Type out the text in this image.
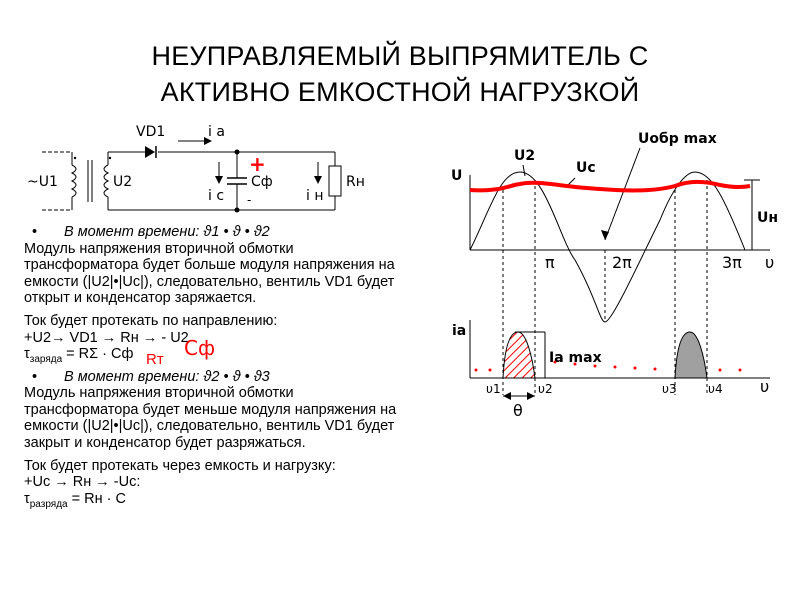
НЕУПРАВЛЯЕМЫЙ ВЫПРЯМИТЕЛЬ С
АКТИВНО ЕМКОСТНОЙ НАГРУЗКОЙ
~U1	U2
VD1	i a
i c
Cф	Rн
i н
+
-

• В момент времени: ϑ1 • ϑ • ϑ2

Модуль напряжения вторичной обмотки
трансформатора будет больше модуля напряжения на емкости (|U2|•|Uc|), следовательно, вентиль VD1 будет открыт и конденсатор заряжается.

Ток будет протекать по направлению:
+U2→ VD1 → Rн → - U2

$\tau_{заряда} = R\Sigma$ · Cф	Cф
Rт

• В момент времени: ϑ2 • ϑ • ϑ3

Модуль напряжения вторичной обмотки
трансформатора будет меньше модуля напряжения на емкости (|U2|•|Uc|), следовательно, вентиль VD1 будет закрыт и конденсатор будет разряжаться.

Ток будет протекать через емкость и нагрузку:
+Uc → Rн → -Uc:

$\tau_{разряда}$ = Rн · C

U
U2
Uc
Uобр max
Uн
ia
Ia max
π	2π	3π υ
υ
θ
υ1	υ2	υ3	υ4
